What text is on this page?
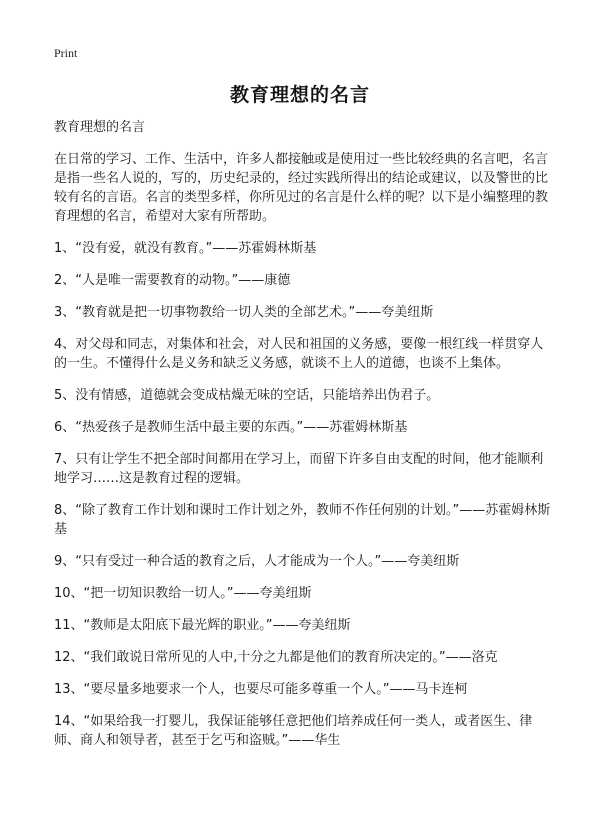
Print
教育理想的名言

教育理想的名言

在日常的学习、工作、生活中，许多人都接触或是使用过一些比较经典的名言吧，名言是指一些名人说的，写的，历史纪录的，经过实践所得出的结论或建议，以及警世的比较有名的言语。名言的类型多样，你所见过的名言是什么样的呢？以下是小编整理的教育理想的名言，希望对大家有所帮助。

1、“没有爱，就没有教育。”——苏霍姆林斯基
2、“人是唯一需要教育的动物。”——康德
3、“教育就是把一切事物教给一切人类的全部艺术。”——夸美纽斯
4、对父母和同志，对集体和社会，对人民和祖国的义务感，要像一根红线一样贯穿人的一生。不懂得什么是义务和缺乏义务感，就谈不上人的道德，也谈不上集体。
5、没有情感，道德就会变成枯燥无味的空话，只能培养出伪君子。
6、“热爱孩子是教师生活中最主要的东西。”——苏霍姆林斯基
7、只有让学生不把全部时间都用在学习上，而留下许多自由支配的时间，他才能顺利地学习……这是教育过程的逻辑。
8、“除了教育工作计划和课时工作计划之外，教师不作任何别的计划。”——苏霍姆林斯基
9、“只有受过一种合适的教育之后，人才能成为一个人。”——夸美纽斯
10、“把一切知识教给一切人。”——夸美纽斯
11、“教师是太阳底下最光辉的职业。”——夸美纽斯
12、“我们敢说日常所见的人中,十分之九都是他们的教育所决定的。”——洛克
13、“要尽量多地要求一个人，也要尽可能多尊重一个人。”——马卡连柯
14、“如果给我一打婴儿，我保证能够任意把他们培养成任何一类人，或者医生、律师、商人和领导者，甚至于乞丐和盗贼。”——华生
